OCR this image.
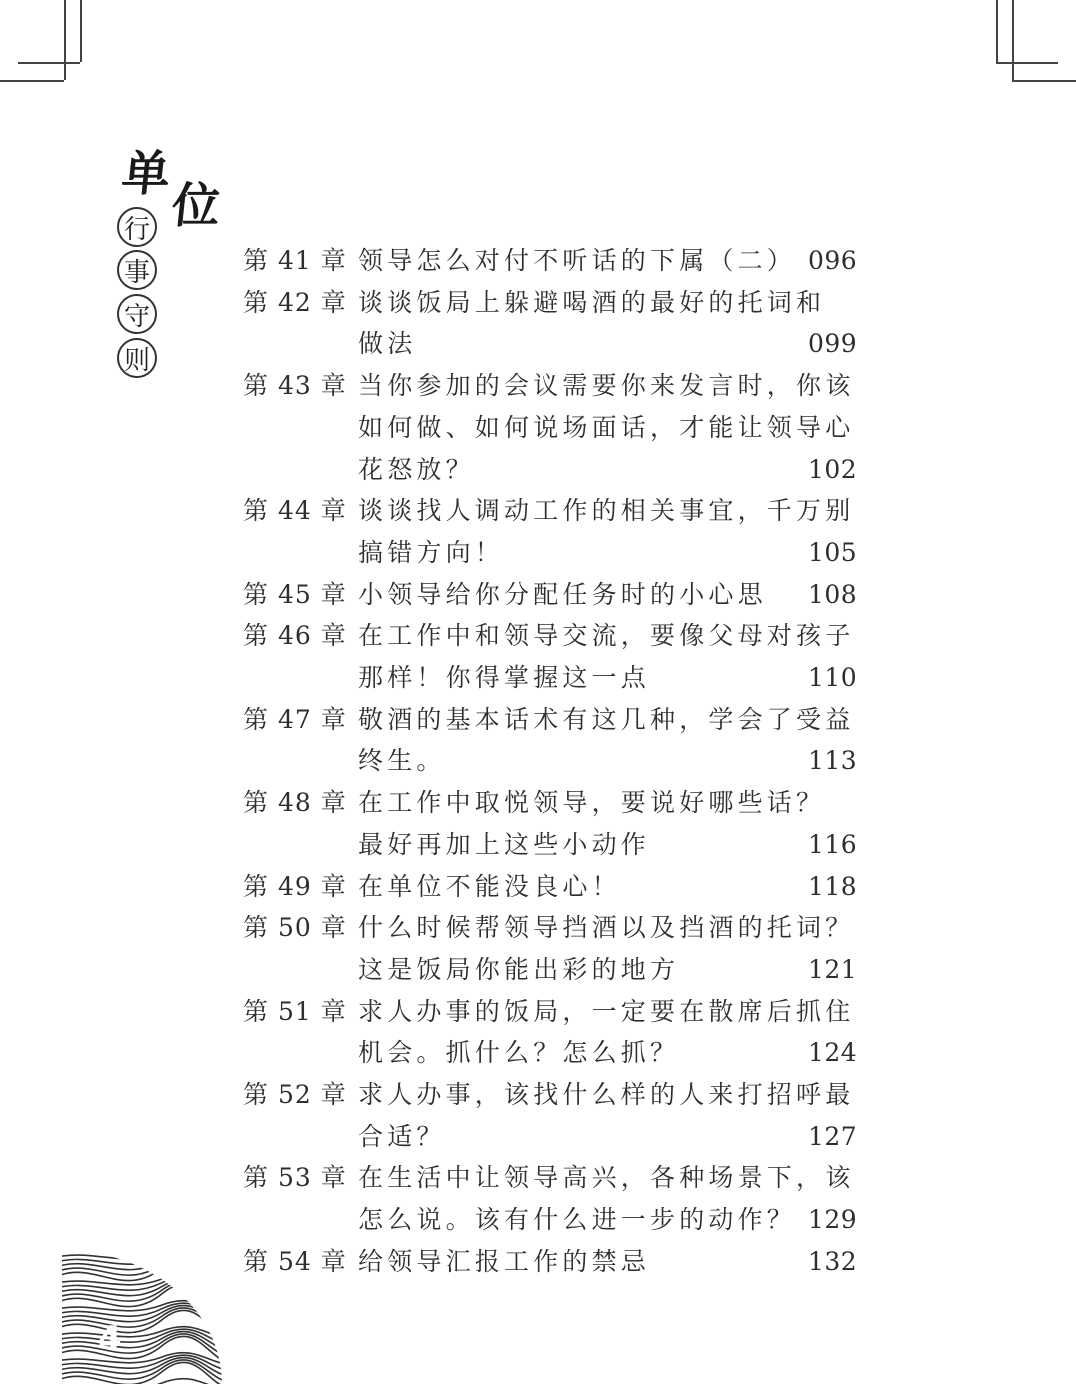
单
位
行
事
守
则
第 41 章 领导怎么对付不听话的下属（二） 096
第 42 章 谈谈饭局上躲避喝酒的最好的托词和
做法	099
第 43 章 当你参加的会议需要你来发言时，你该
如何做、如何说场面话，才能让领导心
花怒放？	102
第 44 章 谈谈找人调动工作的相关事宜，千万别
搞错方向！	105
第 45 章 小领导给你分配任务时的小心思 108
第 46 章 在工作中和领导交流，要像父母对孩子
那样！你得掌握这一点	110
第 47 章 敬酒的基本话术有这几种，学会了受益
终生。	113
第 48 章 在工作中取悦领导，要说好哪些话？
最好再加上这些小动作	116
第 49 章 在单位不能没良心！	118
第 50 章 什么时候帮领导挡酒以及挡酒的托词？
这是饭局你能出彩的地方	121
第 51 章 求人办事的饭局，一定要在散席后抓住
机会。抓什么？怎么抓？	124
第 52 章 求人办事，该找什么样的人来打招呼最
合适？	127
第 53 章 在生活中让领导高兴，各种场景下，该
怎么说。该有什么进一步的动作？ 129
第 54 章 给领导汇报工作的禁忌	132
4
